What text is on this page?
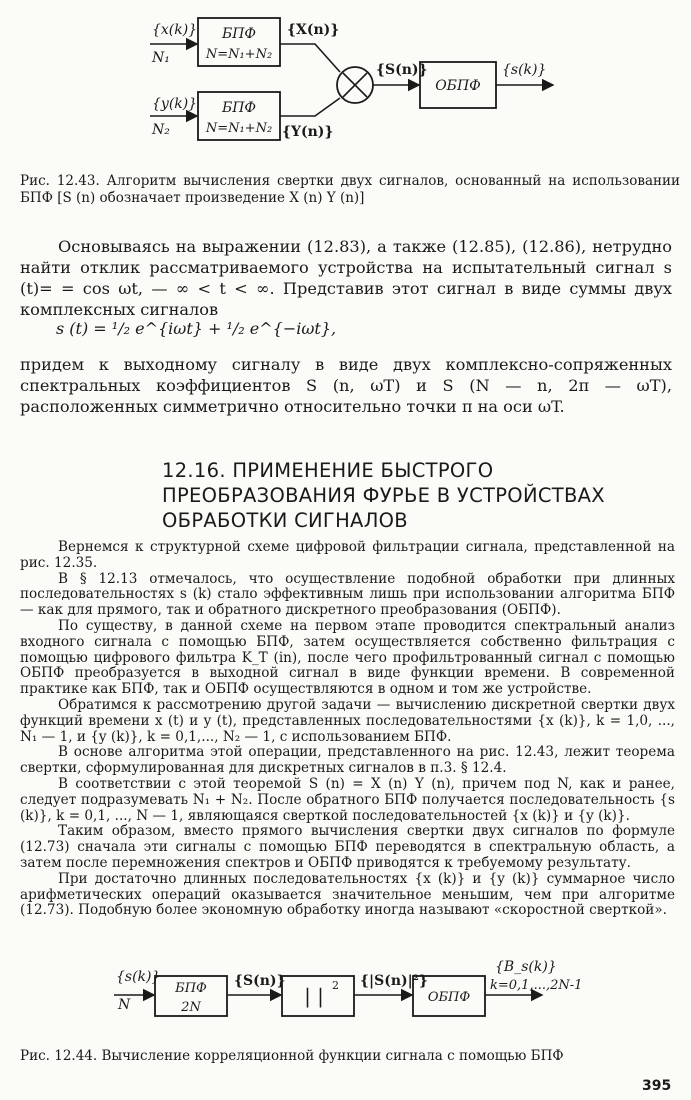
{x(k)}
N₁
БПФ
N=N₁+N₂
{X(n)}
{y(k)}
N₂
БПФ
N=N₁+N₂ {Y(n)}
{S(n)}
ОБПФ
{s(k)}
Рис. 12.43. Алгоритм вычисления свертки двух сигналов, основанный на использовании БПФ [S (n) обозначает произведение X (n) Y (n)]

Основываясь на выражении (12.83), а также (12.85), (12.86), нетрудно найти отклик рассматриваемого устройства на испытательный сигнал s (t)= = cos ωt, — ∞ < t < ∞. Представив этот сигнал в виде суммы двух комплексных сигналов

s (t) = ¹/₂ e^{iωt} + ¹/₂ e^{−iωt},

придем к выходному сигналу в виде двух комплексно-сопряженных спектральных коэффициентов S (n, ωT) и S (N — n, 2π — ωT), расположенных симметрично относительно точки π на оси ωT.

12.16. ПРИМЕНЕНИЕ БЫСТРОГО
ПРЕОБРАЗОВАНИЯ ФУРЬЕ В УСТРОЙСТВАХ
ОБРАБОТКИ СИГНАЛОВ

Вернемся к структурной схеме цифровой фильтрации сигнала, представленной на рис. 12.35.

В § 12.13 отмечалось, что осуществление подобной обработки при длинных последовательностях s (k) стало эффективным лишь при использовании алгоритма БПФ — как для прямого, так и обратного дискретного преобразования (ОБПФ).

По существу, в данной схеме на первом этапе проводится спектральный анализ входного сигнала с помощью БПФ, затем осуществляется собственно фильтрация с помощью цифрового фильтра K_T (in), после чего профильтрованный сигнал с помощью ОБПФ преобразуется в выходной сигнал в виде функции времени. В современной практике как БПФ, так и ОБПФ осуществляются в одном и том же устройстве.

Обратимся к рассмотрению другой задачи — вычислению дискретной свертки двух функций времени x (t) и y (t), представленных последовательностями {x (k)}, k = 1,0, ..., N₁ — 1, и {y (k)}, k = 0,1,..., N₂ — 1, с использованием БПФ.

В основе алгоритма этой операции, представленного на рис. 12.43, лежит теорема свертки, сформулированная для дискретных сигналов в п.3. § 12.4.

В соответствии с этой теоремой S (n) = X (n) Y (n), причем под N, как и ранее, следует подразумевать N₁ + N₂. После обратного БПФ получается последовательность {s (k)}, k = 0,1, ..., N — 1, являющаяся сверткой последовательностей {x (k)} и {y (k)}.

Таким образом, вместо прямого вычисления свертки двух сигналов по формуле (12.73) сначала эти сигналы с помощью БПФ переводятся в спектральную область, а затем после перемножения спектров и ОБПФ приводятся к требуемому результату.

При достаточно длинных последовательностях {x (k)} и {y (k)} суммарное число арифметических операций оказывается значительное меньшим, чем при алгоритме (12.73). Подобную более экономную обработку иногда называют «скоростной сверткой».

{s(k)}
N
БПФ
2N
{S(n)}
| | 2 {|S(n)|²}
ОБПФ
{B_s(k)}
k=0,1,...,2N-1
Рис. 12.44. Вычисление корреляционной функции сигнала с помощью БПФ
395
